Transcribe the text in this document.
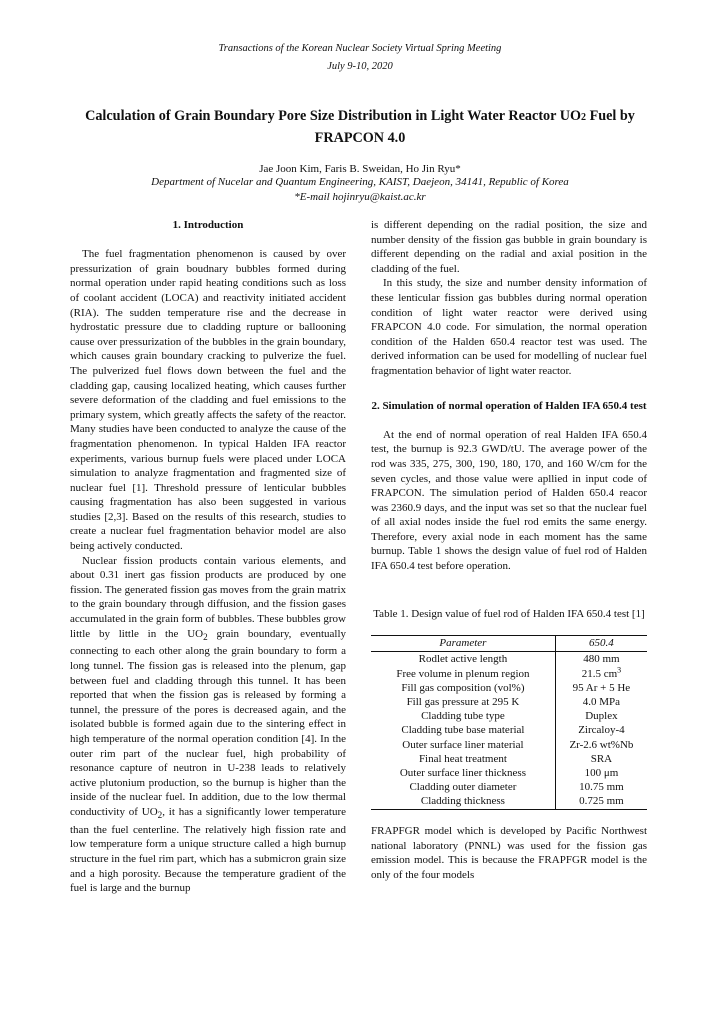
Transactions of the Korean Nuclear Society Virtual Spring Meeting
July 9-10, 2020
Calculation of Grain Boundary Pore Size Distribution in Light Water Reactor UO2 Fuel by FRAPCON 4.0
Jae Joon Kim, Faris B. Sweidan, Ho Jin Ryu*
Department of Nucelar and Quantum Engineering, KAIST, Daejeon, 34141, Republic of Korea
*E-mail hojinryu@kaist.ac.kr
1. Introduction

The fuel fragmentation phenomenon is caused by over pressurization of grain boudnary bubbles formed during normal operation under rapid heating conditions such as loss of coolant accident (LOCA) and reactivity initiated accident (RIA). The sudden temperature rise and the decrease in hydrostatic pressure due to cladding rupture or ballooning cause over pressurization of the bubbles in the grain boundary, which causes grain boundary cracking to pulverize the fuel. The pulverized fuel flows down between the fuel and the cladding gap, causing localized heating, which causes further severe deformation of the cladding and fuel emissions to the primary system, which greatly affects the safety of the reactor. Many studies have been conducted to analyze the cause of the fragmentation phenomenon. In typical Halden IFA reactor experiments, various burnup fuels were placed under LOCA simulation to analyze fragmentation and fragmented size of nuclear fuel [1]. Threshold pressure of lenticular bubbles causing fragmentation has also been suggested in various studies [2,3]. Based on the results of this research, studies to create a nuclear fuel fragmentation behavior model are also being actively conducted.

Nuclear fission products contain various elements, and about 0.31 inert gas fission products are produced by one fission. The generated fission gas moves from the grain matrix to the grain boundary through diffusion, and the fission gases accumulated in the grain form of bubbles. These bubbles grow little by little in the $UO_2$ grain boundary, eventually connecting to each other along the grain boundary to form a long tunnel. The fission gas is released into the plenum, gap between fuel and cladding through this tunnel. It has been reported that when the fission gas is released by forming a tunnel, the pressure of the pores is decreased again, and the isolated bubble is formed again due to the sintering effect in high temperature of the normal operation condition [4]. In the outer rim part of the nuclear fuel, high probability of resonance capture of neutron in U-238 leads to relatively active plutonium production, so the burnup is higher than the inside of the nuclear fuel. In addition, due to the low thermal conductivity of $UO_2$, it has a significantly lower temperature than the fuel centerline. The relatively high fission rate and low temperature form a unique structure called a high burnup structure in the fuel rim part, which has a submicron grain size and a high porosity. Because the temperature gradient of the fuel is large and the burnup

is different depending on the radial position, the size and number density of the fission gas bubble in grain boundary is different depending on the radial and axial position in the cladding of the fuel.

In this study, the size and number density information of these lenticular fission gas bubbles during normal operation condition of light water reactor were derived using FRAPCON 4.0 code. For simulation, the normal operation condition of the Halden 650.4 reactor test was used. The derived information can be used for modelling of nuclear fuel fragmentation behavior of light water reactor.

2. Simulation of normal operation of Halden IFA 650.4 test

At the end of normal operation of real Halden IFA 650.4 test, the burnup is 92.3 GWD/tU. The average power of the rod was 335, 275, 300, 190, 180, 170, and 160 W/cm for the seven cycles, and those value were apllied in input code of FRAPCON. The simulation period of Halden 650.4 reacor was 2360.9 days, and the input was set so that the nuclear fuel of all axial nodes inside the fuel rod emits the same energy. Therefore, every axial node in each moment has the same burnup. Table 1 shows the design value of fuel rod of Halden IFA 650.4 test before operation.

Table 1. Design value of fuel rod of Halden IFA 650.4 test [1]
Parameter	650.4
Rodlet active length	480 mm
Free volume in plenum region	21.5 $cm^3$
Fill gas composition (vol%)	95 Ar + 5 He
Fill gas pressure at 295 K	4.0 MPa
Cladding tube type	Duplex
Cladding tube base material	Zircaloy-4
Outer surface liner material	Zr-2.6 wt%Nb
Final heat treatment	SRA
Outer surface liner thickness	100 μm
Cladding outer diameter	10.75 mm
Cladding thickness	0.725 mm

FRAPFGR model which is developed by Pacific Northwest national laboratory (PNNL) was used for the fission gas emission model. This is because the FRAPFGR model is the only of the four models
